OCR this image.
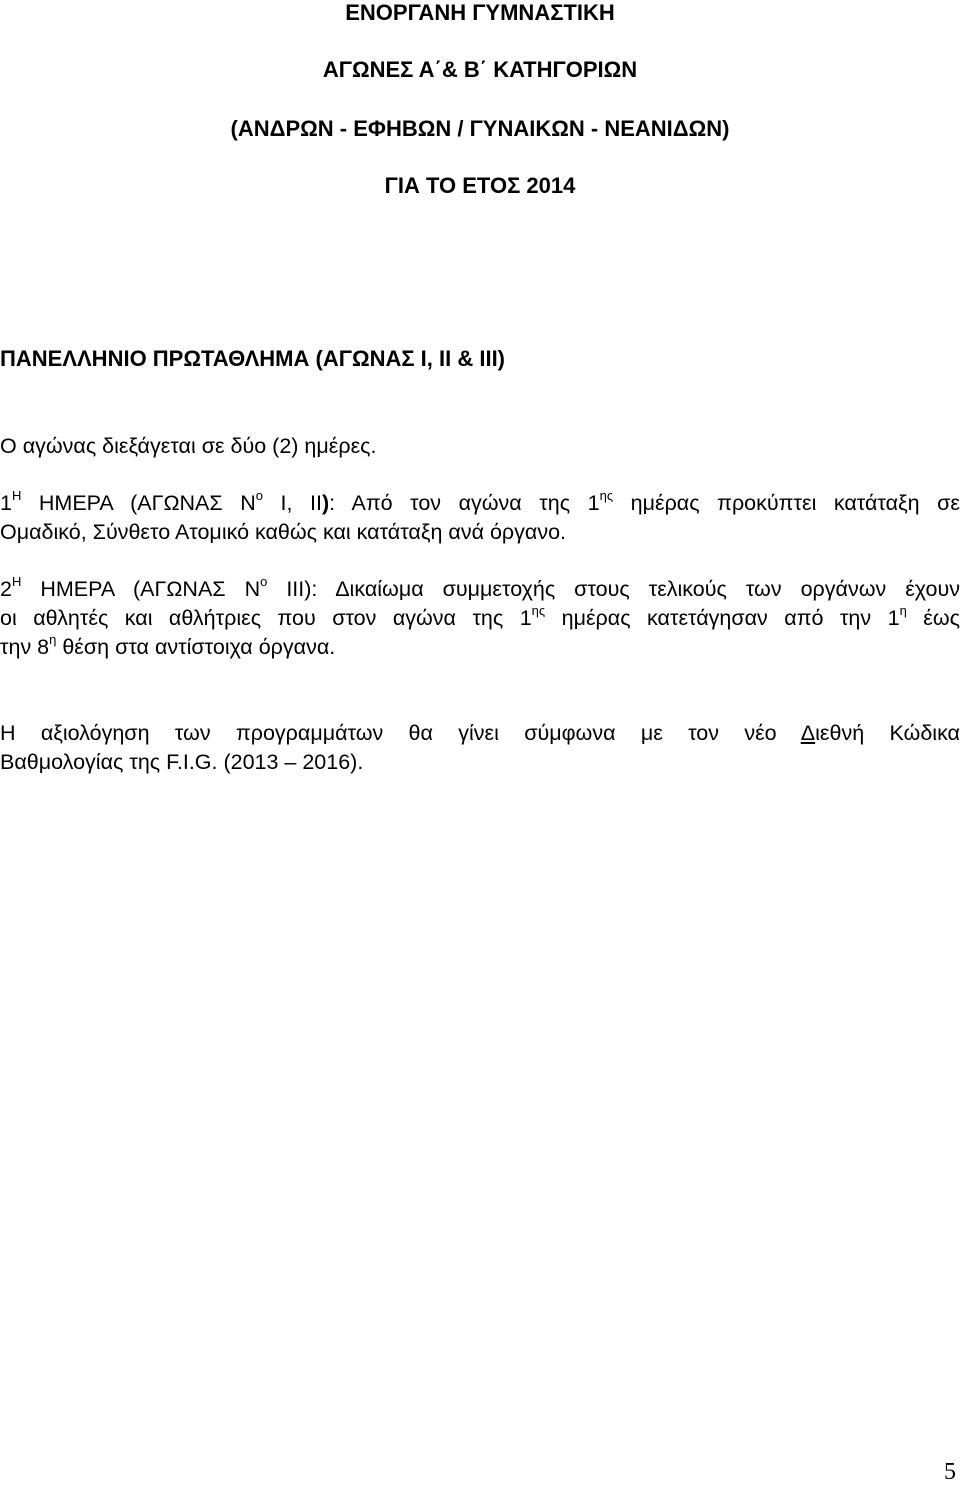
ΕΝΟΡΓΑΝΗ ΓΥΜΝΑΣΤΙΚΗ
ΑΓΩΝΕΣ Α΄& Β΄ ΚΑΤΗΓΟΡΙΩΝ
(ΑΝΔΡΩΝ - ΕΦΗΒΩΝ / ΓΥΝΑΙΚΩΝ - ΝΕΑΝΙΔΩΝ)
ΓΙΑ ΤΟ ΕΤΟΣ 2014
ΠΑΝΕΛΛΗΝΙΟ ΠΡΩΤΑΘΛΗΜΑ (ΑΓΩΝΑΣ Ι, ΙΙ & ΙΙΙ)
Ο αγώνας διεξάγεται σε δύο (2) ημέρες.
$1^H$ ΗΜΕΡΑ (ΑΓΩΝΑΣ $N^o$ Ι, ΙΙ): Από τον αγώνα της $1^{\eta\varsigma}$ ημέρας προκύπτει κατάταξη σε
Ομαδικό, Σύνθετο Ατομικό καθώς και κατάταξη ανά όργανο.
$2^H$ ΗΜΕΡΑ (ΑΓΩΝΑΣ $N^o$ ΙΙΙ): Δικαίωμα συμμετοχής στους τελικούς των οργάνων έχουν
οι αθλητές και αθλήτριες που στον αγώνα της $1^{\eta\varsigma}$ ημέρας κατετάγησαν από την $1^\eta$ έως
την $8^\eta$ θέση στα αντίστοιχα όργανα.
Η αξιολόγηση των προγραμμάτων θα γίνει σύμφωνα με τον νέο Διεθνή Κώδικα
Βαθμολογίας της F.I.G. (2013 – 2016).
5
